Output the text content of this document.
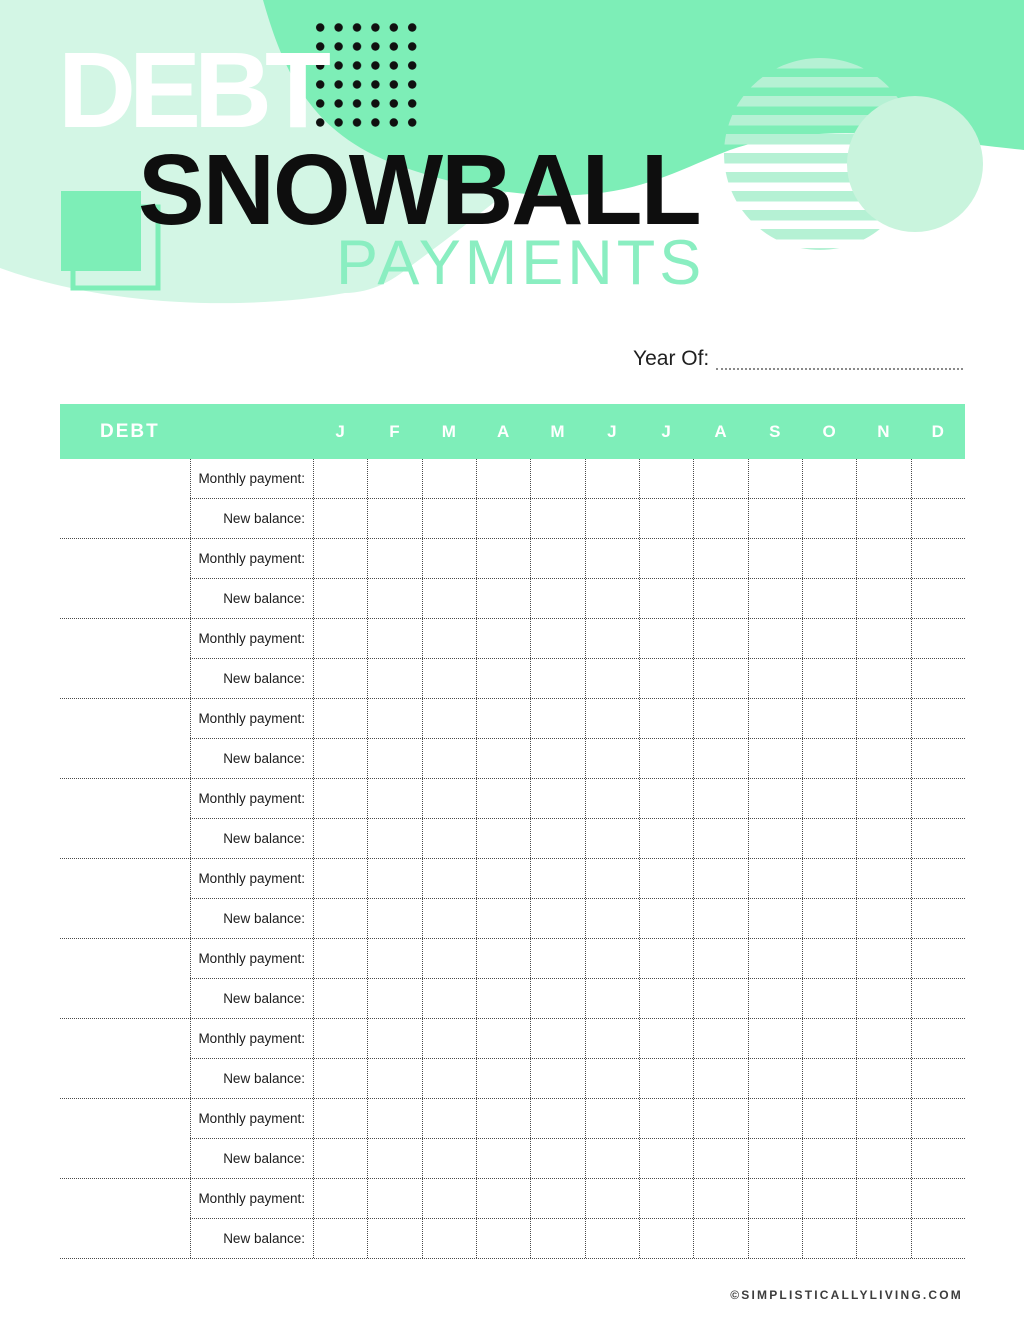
DEBT
SNOWBALL
PAYMENTS
Year Of:
DEBT	J	F	M	A	M	J	J	A	S	O	N	D
Monthly payment:
New balance:
Monthly payment:
New balance:
Monthly payment:
New balance:
Monthly payment:
New balance:
Monthly payment:
New balance:
Monthly payment:
New balance:
Monthly payment:
New balance:
Monthly payment:
New balance:
Monthly payment:
New balance:
Monthly payment:
New balance:
©SIMPLISTICALLYLIVING.COM
